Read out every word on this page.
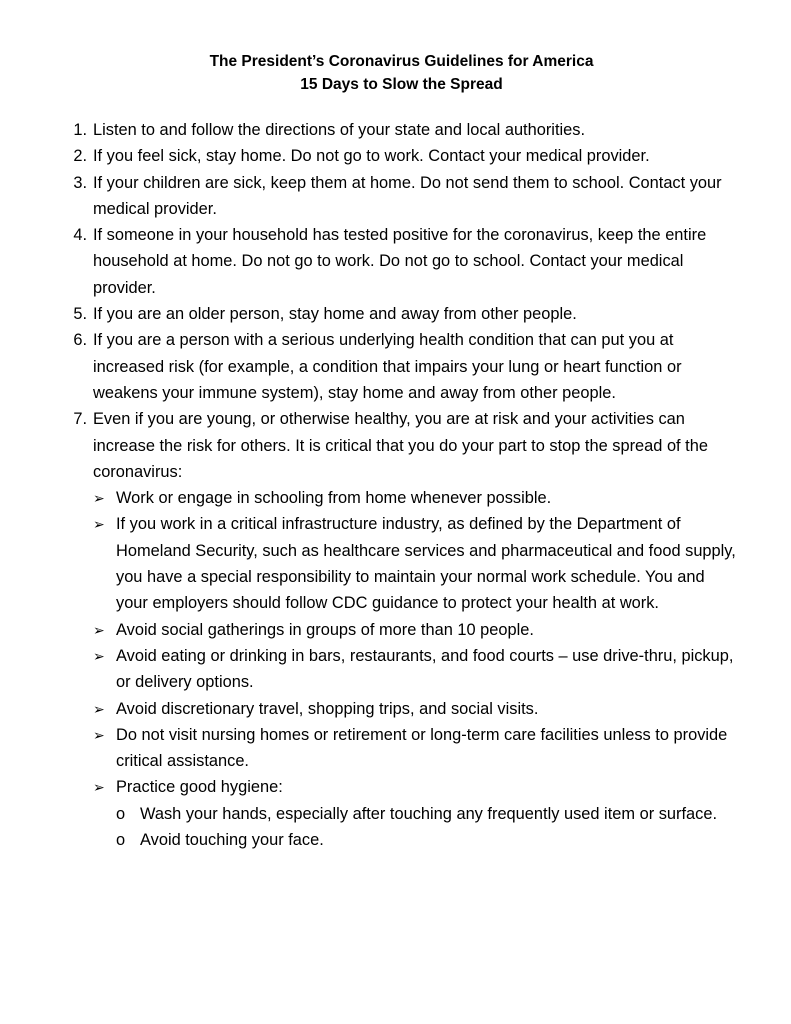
The President’s Coronavirus Guidelines for America

15 Days to Slow the Spread

1. Listen to and follow the directions of your state and local authorities.
2. If you feel sick, stay home. Do not go to work. Contact your medical provider.
3. If your children are sick, keep them at home. Do not send them to school. Contact your medical provider.
4. If someone in your household has tested positive for the coronavirus, keep the entire household at home. Do not go to work. Do not go to school. Contact your medical provider.
5. If you are an older person, stay home and away from other people.
6. If you are a person with a serious underlying health condition that can put you at increased risk (for example, a condition that impairs your lung or heart function or weakens your immune system), stay home and away from other people.
7. Even if you are young, or otherwise healthy, you are at risk and your activities can increase the risk for others. It is critical that you do your part to stop the spread of the coronavirus:
➢ Work or engage in schooling from home whenever possible.
➢ If you work in a critical infrastructure industry, as defined by the Department of Homeland Security, such as healthcare services and pharmaceutical and food supply, you have a special responsibility to maintain your normal work schedule. You and your employers should follow CDC guidance to protect your health at work.
➢ Avoid social gatherings in groups of more than 10 people.
➢ Avoid eating or drinking in bars, restaurants, and food courts – use drive-thru, pickup, or delivery options.
➢ Avoid discretionary travel, shopping trips, and social visits.
➢ Do not visit nursing homes or retirement or long-term care facilities unless to provide critical assistance.
➢ Practice good hygiene:
o Wash your hands, especially after touching any frequently used item or surface.
o Avoid touching your face.
